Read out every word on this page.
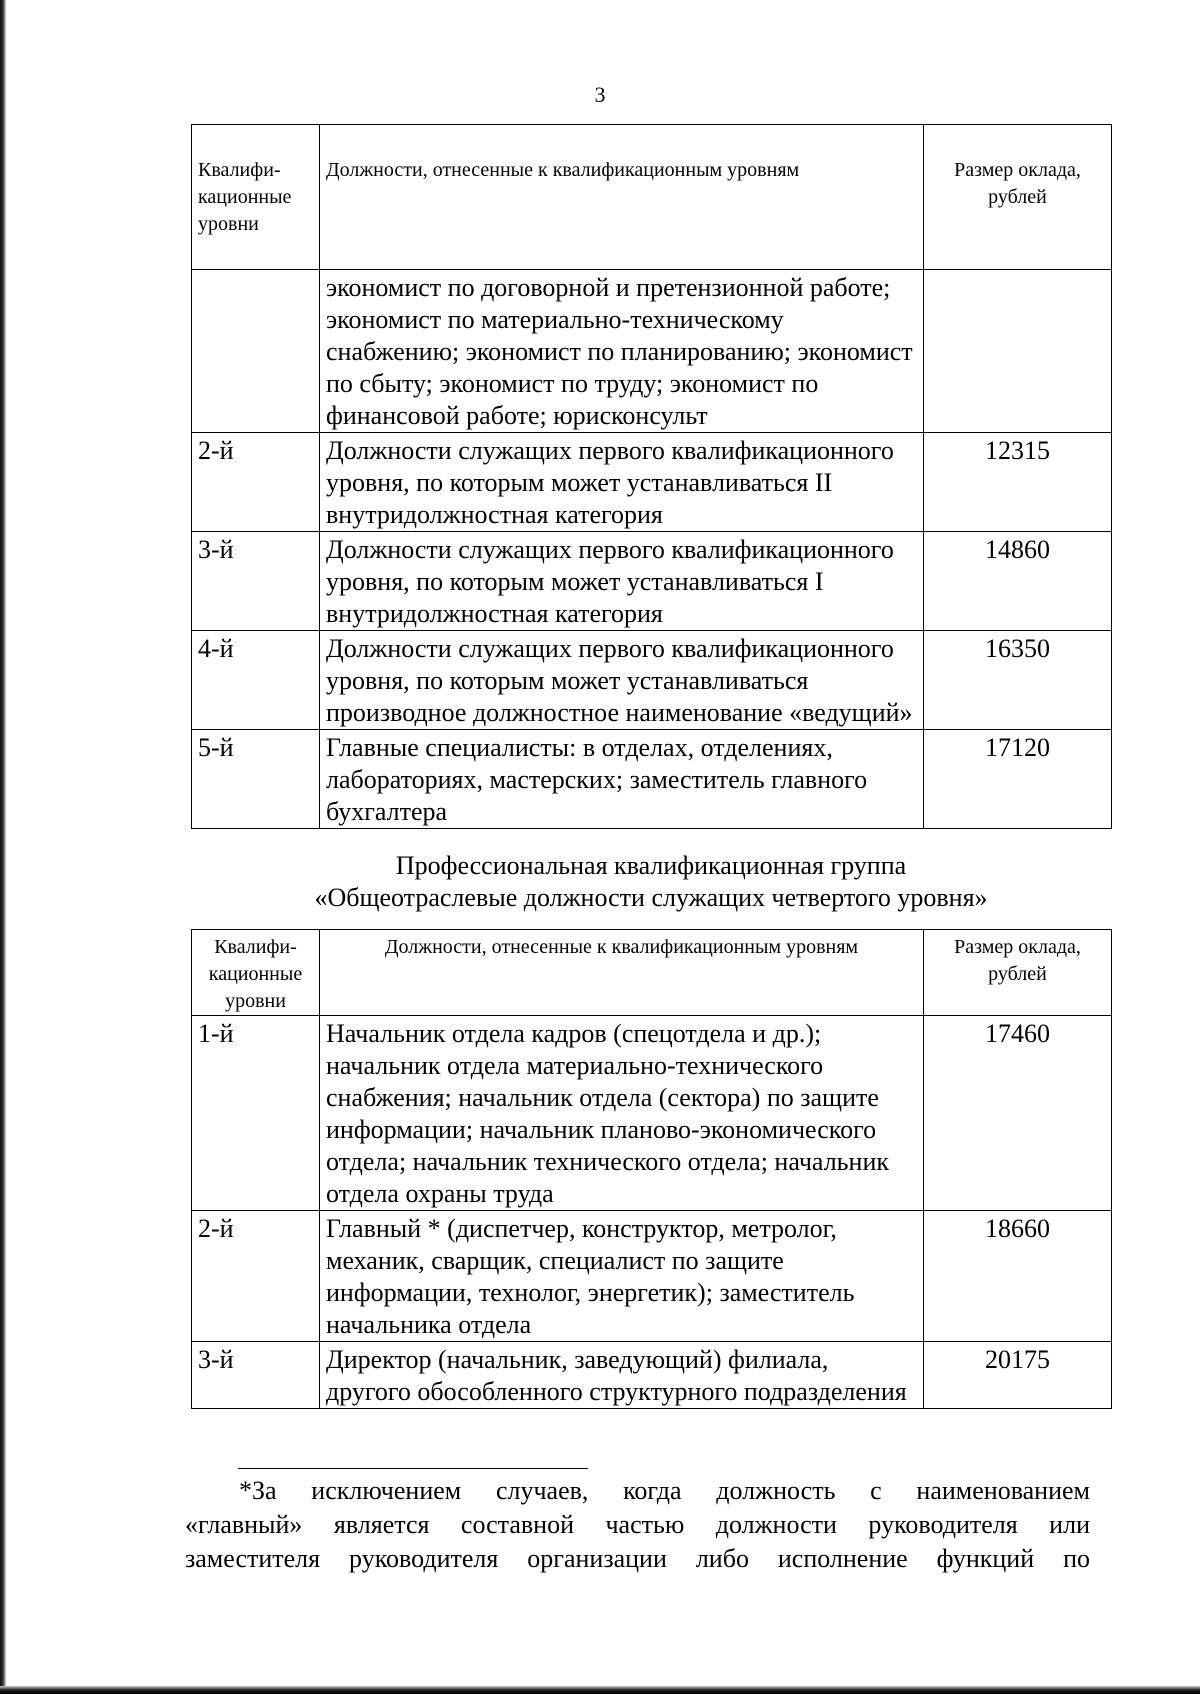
3
Квалифи-кационные уровни	Должности, отнесенные к квалификационным уровням	Размер оклада, рублей
	экономист по договорной и претензионной работе; экономист по материально-техническому снабжению; экономист по планированию; экономист по сбыту; экономист по труду; экономист по финансовой работе; юрисконсульт	
2-й	Должности служащих первого квалификационного уровня, по которым может устанавливаться II внутридолжностная категория	12315
3-й	Должности служащих первого квалификационного уровня, по которым может устанавливаться I внутридолжностная категория	14860
4-й	Должности служащих первого квалификационного уровня, по которым может устанавливаться производное должностное наименование «ведущий»	16350
5-й	Главные специалисты: в отделах, отделениях, лабораториях, мастерских; заместитель главного бухгалтера	17120
Профессиональная квалификационная группа
«Общеотраслевые должности служащих четвертого уровня»
Квалифи-кационные уровни	Должности, отнесенные к квалификационным уровням	Размер оклада, рублей
1-й	Начальник отдела кадров (спецотдела и др.); начальник отдела материально-технического снабжения; начальник отдела (сектора) по защите информации; начальник планово-экономического отдела; начальник технического отдела; начальник отдела охраны труда	17460
2-й	Главный * (диспетчер, конструктор, метролог, механик, сварщик, специалист по защите информации, технолог, энергетик); заместитель начальника отдела	18660
3-й	Директор (начальник, заведующий) филиала, другого обособленного структурного подразделения	20175
*За исключением случаев, когда должность с наименованием
«главный» является составной частью должности руководителя или
заместителя руководителя организации либо исполнение функций по
